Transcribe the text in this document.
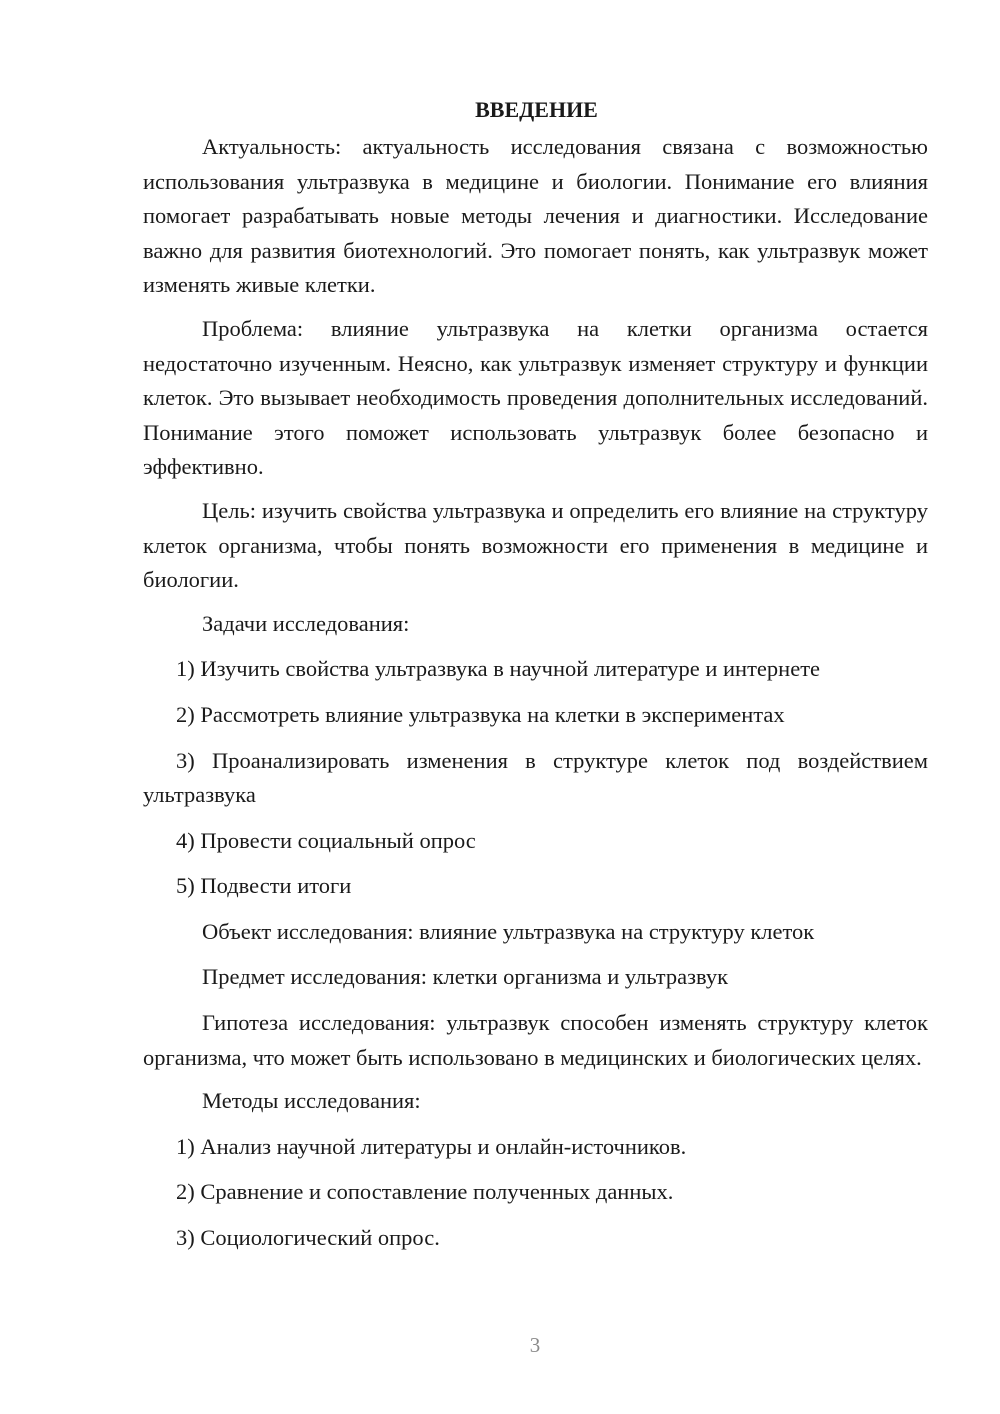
ВВЕДЕНИЕ

Актуальность: актуальность исследования связана с возможностью использования ультразвука в медицине и биологии. Понимание его влияния помогает разрабатывать новые методы лечения и диагностики. Исследование важно для развития биотехнологий. Это помогает понять, как ультразвук может изменять живые клетки.

Проблема: влияние ультразвука на клетки организма остается недостаточно изученным. Неясно, как ультразвук изменяет структуру и функции клеток. Это вызывает необходимость проведения дополнительных исследований. Понимание этого поможет использовать ультразвук более безопасно и эффективно.

Цель: изучить свойства ультразвука и определить его влияние на структуру клеток организма, чтобы понять возможности его применения в медицине и биологии.

Задачи исследования:

1) Изучить свойства ультразвука в научной литературе и интернете

2) Рассмотреть влияние ультразвука на клетки в экспериментах

3) Проанализировать изменения в структуре клеток под воздействием ультразвука

4) Провести социальный опрос

5) Подвести итоги

Объект исследования: влияние ультразвука на структуру клеток

Предмет исследования: клетки организма и ультразвук

Гипотеза исследования: ультразвук способен изменять структуру клеток организма, что может быть использовано в медицинских и биологических целях.

Методы исследования:

1) Анализ научной литературы и онлайн-источников.

2) Сравнение и сопоставление полученных данных.

3) Социологический опрос.

3
